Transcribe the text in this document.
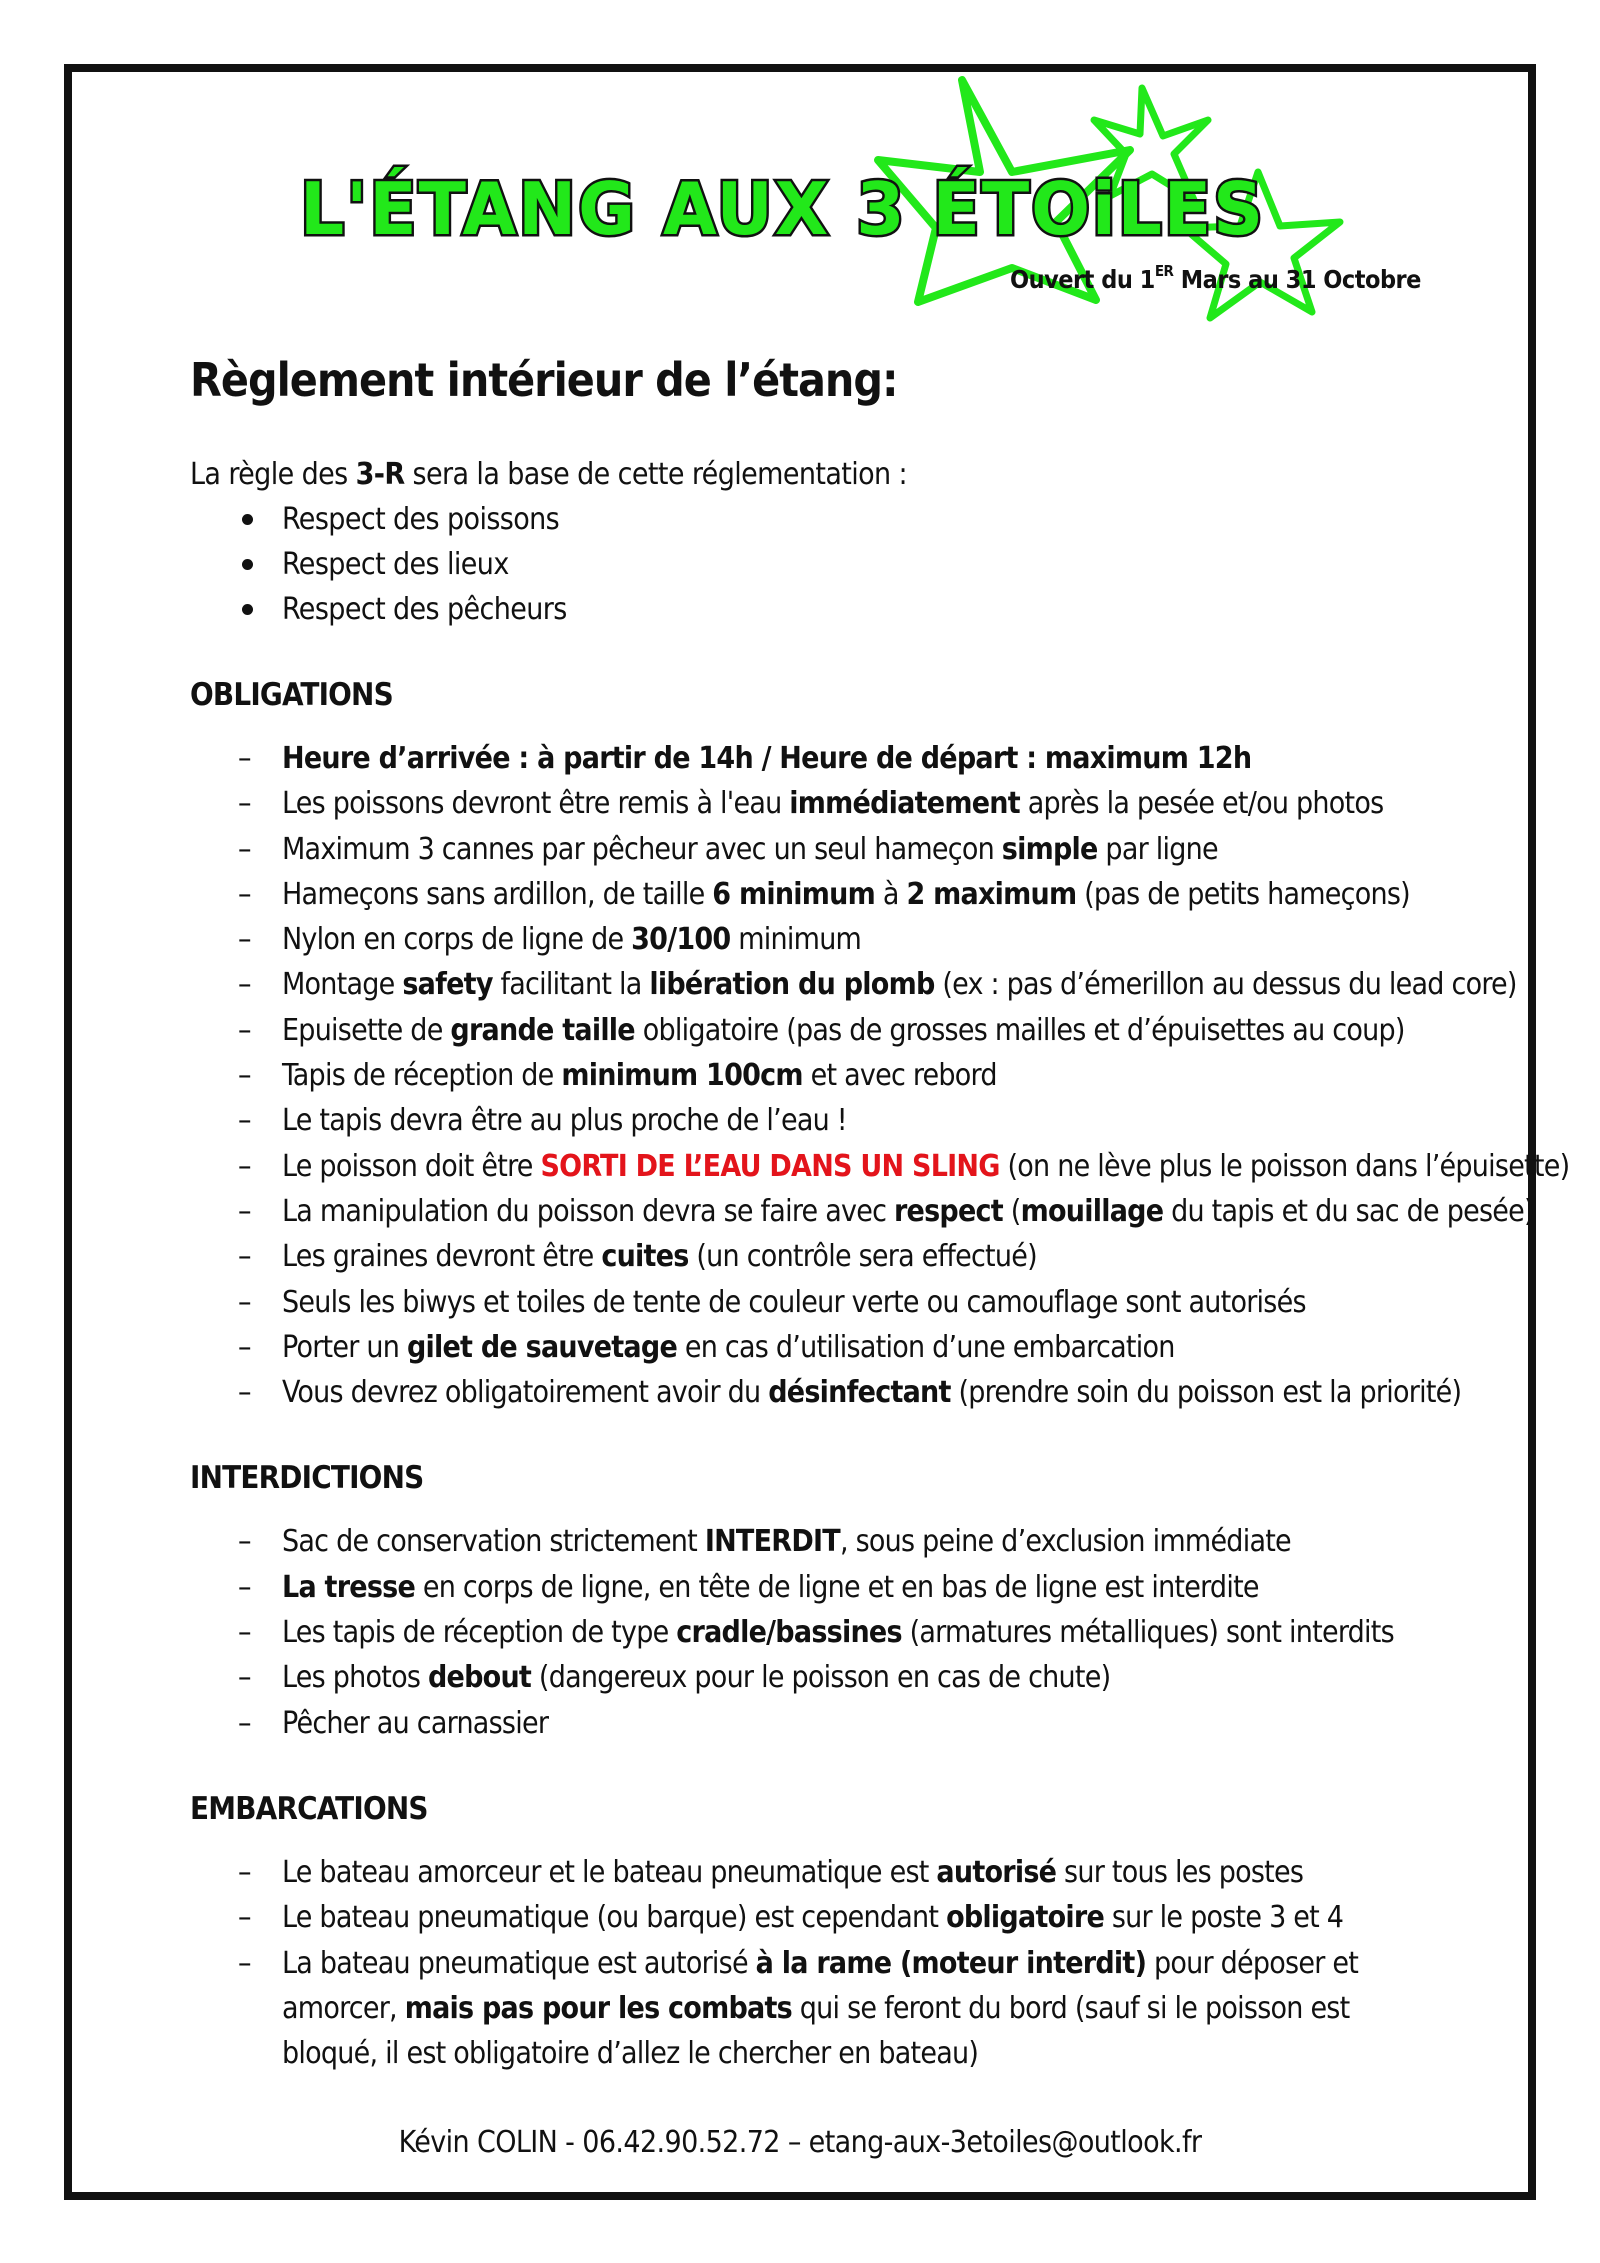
L'ÉTANG AUX 3 ÉTOiLES
Ouvert du 1ER Mars au 31 Octobre
Règlement intérieur de l’étang:
La règle des 3-R sera la base de cette réglementation :
Respect des poissons
Respect des lieux
Respect des pêcheurs
OBLIGATIONS
– Heure d’arrivée : à partir de 14h / Heure de départ : maximum 12h
– Les poissons devront être remis à l'eau immédiatement après la pesée et/ou photos
– Maximum 3 cannes par pêcheur avec un seul hameçon simple par ligne
– Hameçons sans ardillon, de taille 6 minimum à 2 maximum (pas de petits hameçons)
– Nylon en corps de ligne de 30/100 minimum
– Montage safety facilitant la libération du plomb (ex : pas d’émerillon au dessus du lead core)
– Epuisette de grande taille obligatoire (pas de grosses mailles et d’épuisettes au coup)
– Tapis de réception de minimum 100cm et avec rebord
– Le tapis devra être au plus proche de l’eau !
– Le poisson doit être SORTI DE L’EAU DANS UN SLING (on ne lève plus le poisson dans l’épuisette)
– La manipulation du poisson devra se faire avec respect (mouillage du tapis et du sac de pesée)
– Les graines devront être cuites (un contrôle sera effectué)
– Seuls les biwys et toiles de tente de couleur verte ou camouflage sont autorisés
– Porter un gilet de sauvetage en cas d’utilisation d’une embarcation
– Vous devrez obligatoirement avoir du désinfectant (prendre soin du poisson est la priorité)
INTERDICTIONS
– Sac de conservation strictement INTERDIT, sous peine d’exclusion immédiate
– La tresse en corps de ligne, en tête de ligne et en bas de ligne est interdite
– Les tapis de réception de type cradle/bassines (armatures métalliques) sont interdits
– Les photos debout (dangereux pour le poisson en cas de chute)
– Pêcher au carnassier
EMBARCATIONS
– Le bateau amorceur et le bateau pneumatique est autorisé sur tous les postes
– Le bateau pneumatique (ou barque) est cependant obligatoire sur le poste 3 et 4
– La bateau pneumatique est autorisé à la rame (moteur interdit) pour déposer et amorcer, mais pas pour les combats qui se feront du bord (sauf si le poisson est bloqué, il est obligatoire d’allez le chercher en bateau)
Kévin COLIN - 06.42.90.52.72 – etang-aux-3etoiles@outlook.fr
